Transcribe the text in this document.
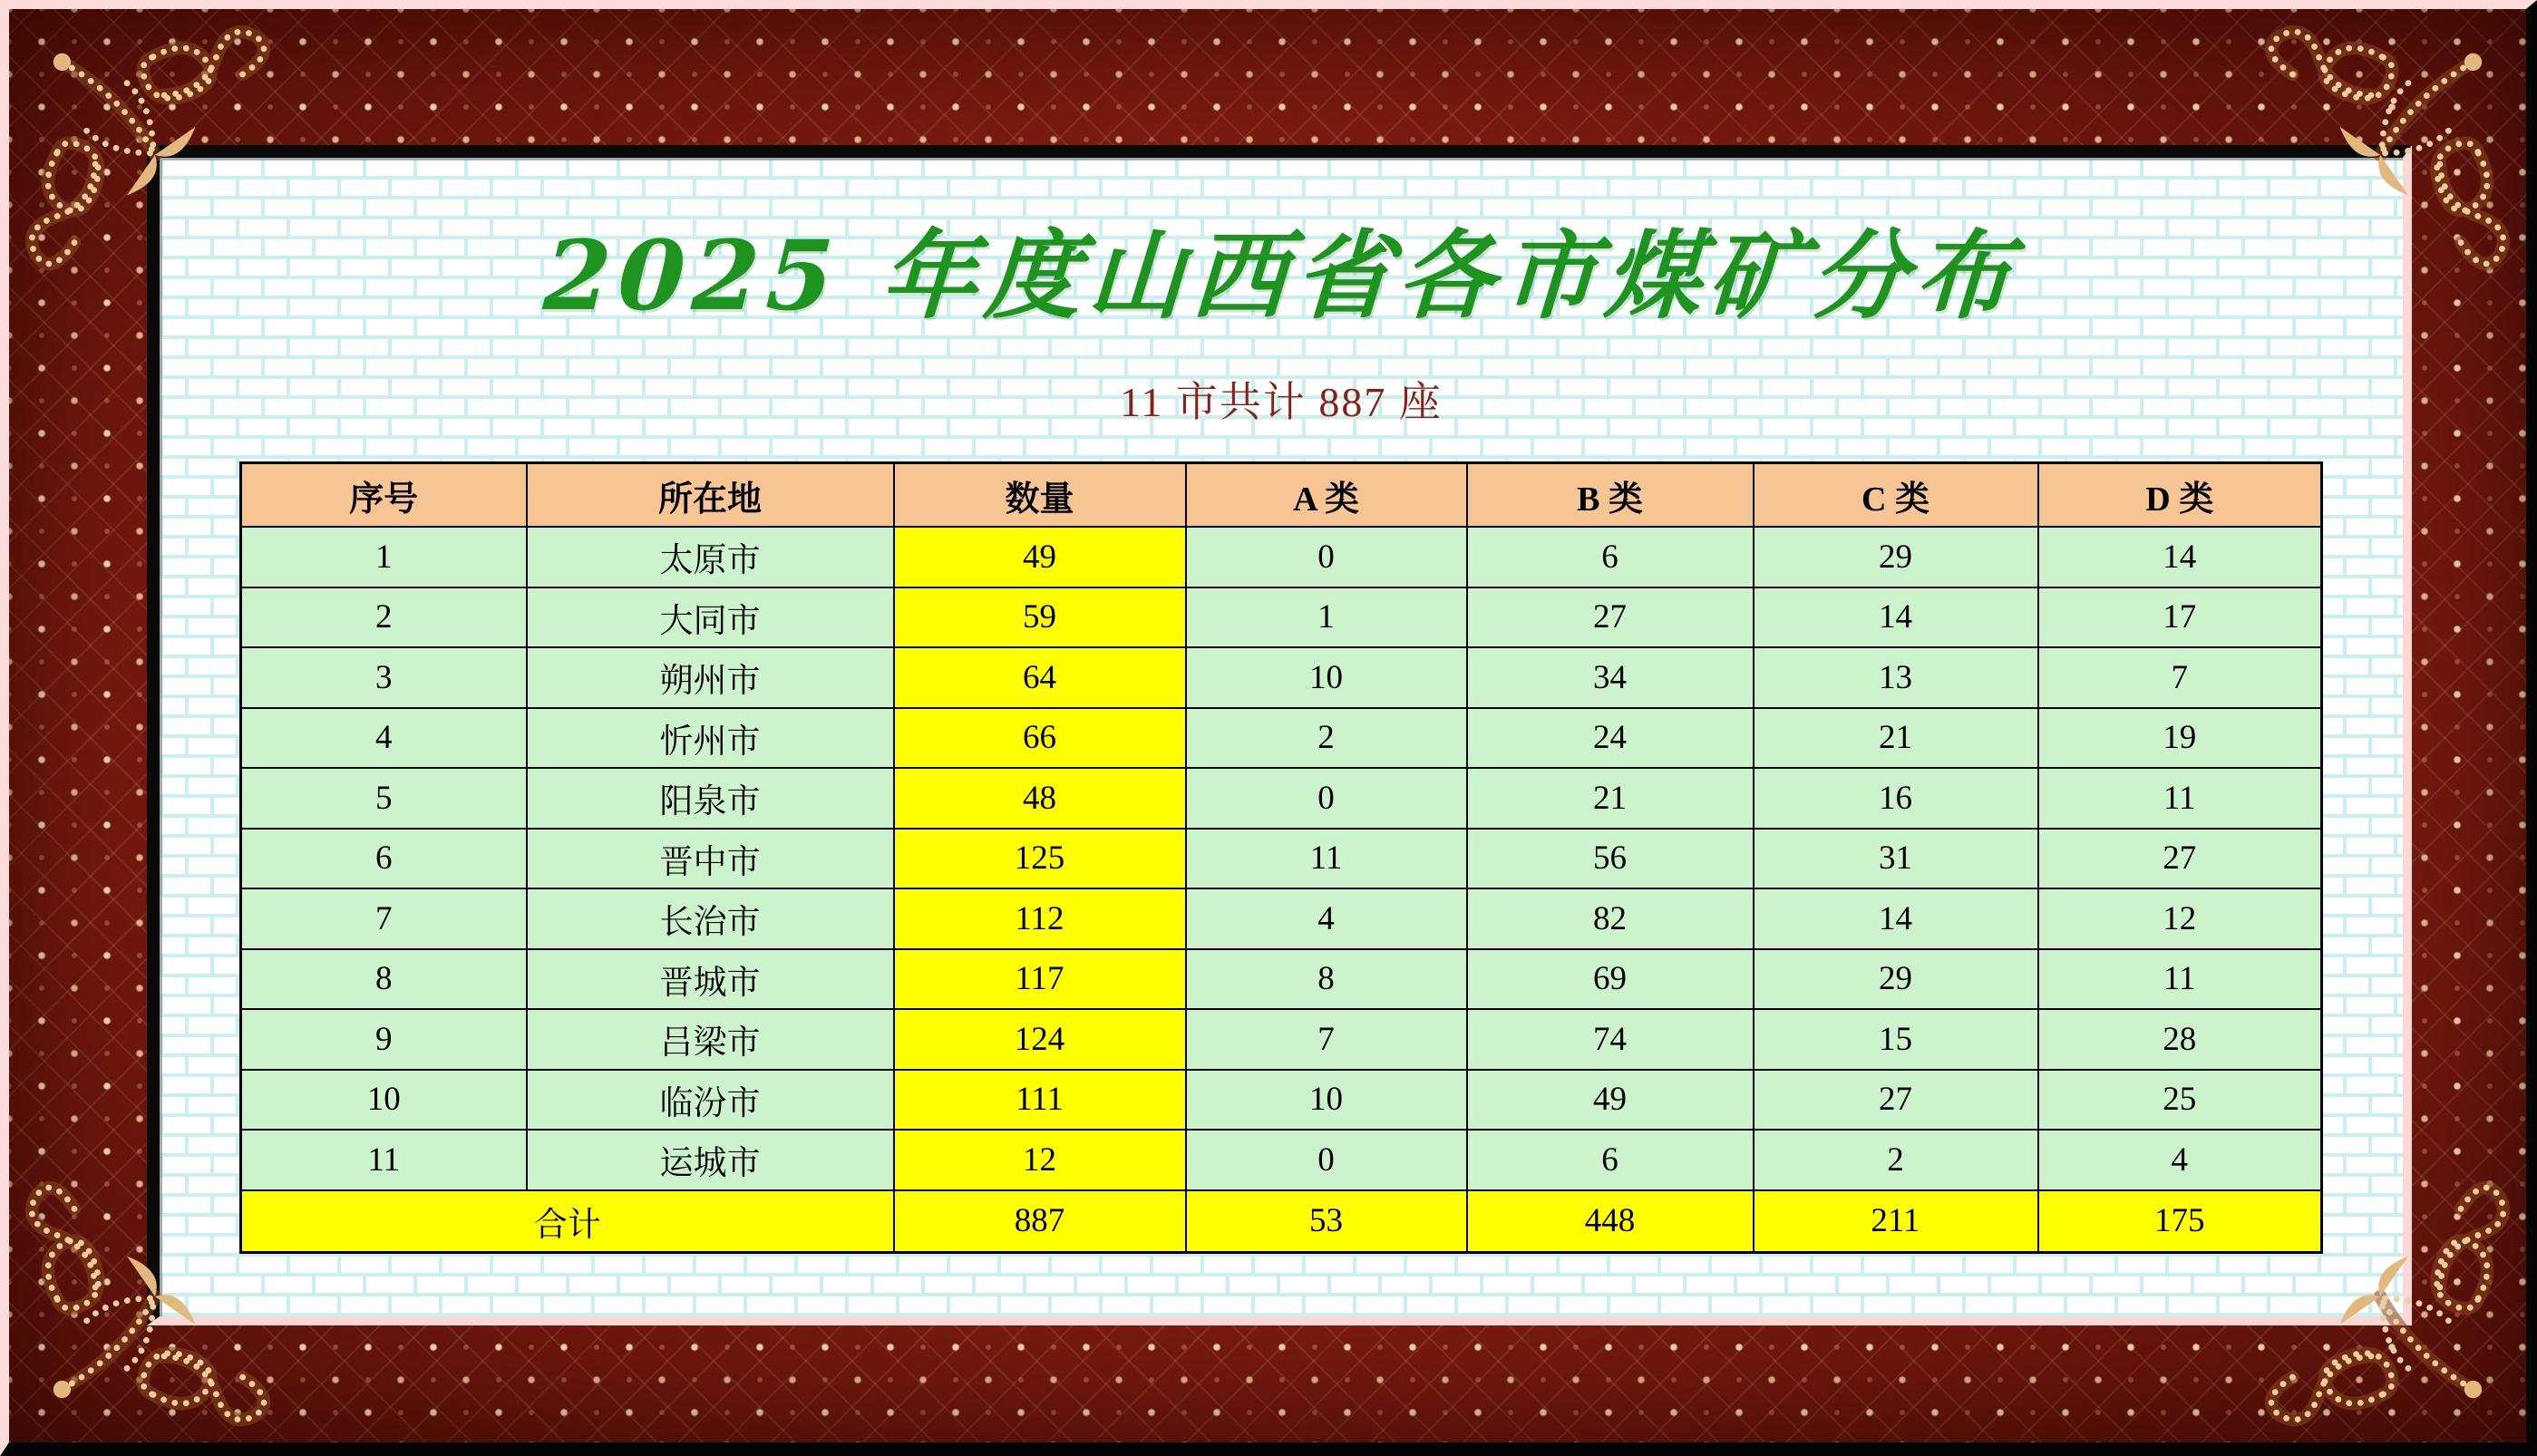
2025 年度山西省各市煤矿分布
11 市共计 887 座
序号	所在地	数量	A 类	B 类	C 类	D 类
1	太原市	49	0	6	29	14
2	大同市	59	1	27	14	17
3	朔州市	64	10	34	13	7
4	忻州市	66	2	24	21	19
5	阳泉市	48	0	21	16	11
6	晋中市	125	11	56	31	27
7	长治市	112	4	82	14	12
8	晋城市	117	8	69	29	11
9	吕梁市	124	7	74	15	28
10	临汾市	111	10	49	27	25
11	运城市	12	0	6	2	4
合计		887	53	448	211	175
